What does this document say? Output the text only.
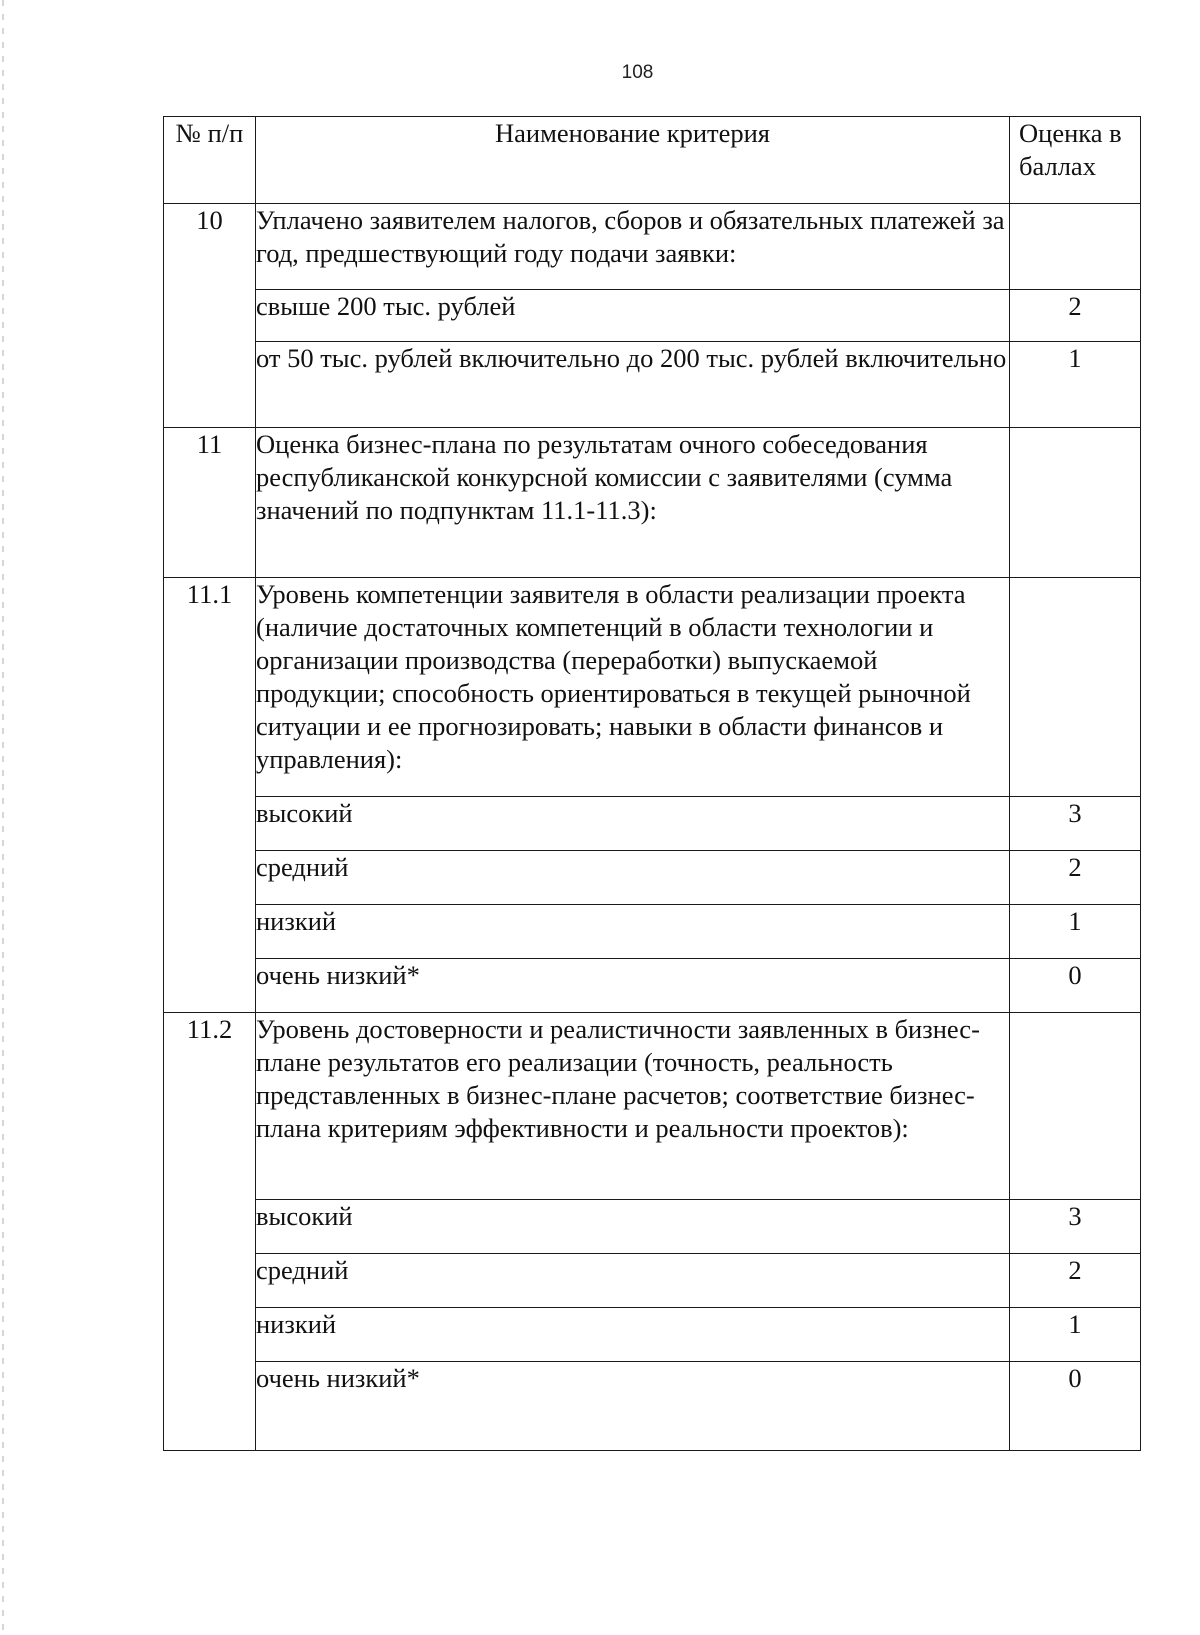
108
№ п/п	Наименование критерия	Оценка в баллах
10	Уплачено заявителем налогов, сборов и обязательных платежей за год, предшествующий году подачи заявки:	
	свыше 200 тыс. рублей	2
	от 50 тыс. рублей включительно до 200 тыс. рублей включительно	1
11	Оценка бизнес-плана по результатам очного собеседования республиканской конкурсной комиссии с заявителями (сумма значений по подпунктам 11.1-11.3):	
11.1	Уровень компетенции заявителя в области реализации проекта (наличие достаточных компетенций в области технологии и организации производства (переработки) выпускаемой продукции; способность ориентироваться в текущей рыночной ситуации и ее прогнозировать; навыки в области финансов и управления):	
	высокий	3
	средний	2
	низкий	1
	очень низкий*	0
11.2	Уровень достоверности и реалистичности заявленных в бизнес-плане результатов его реализации (точность, реальность представленных в бизнес-плане расчетов; соответствие бизнес-плана критериям эффективности и реальности проектов):	
	высокий	3
	средний	2
	низкий	1
	очень низкий*	0
